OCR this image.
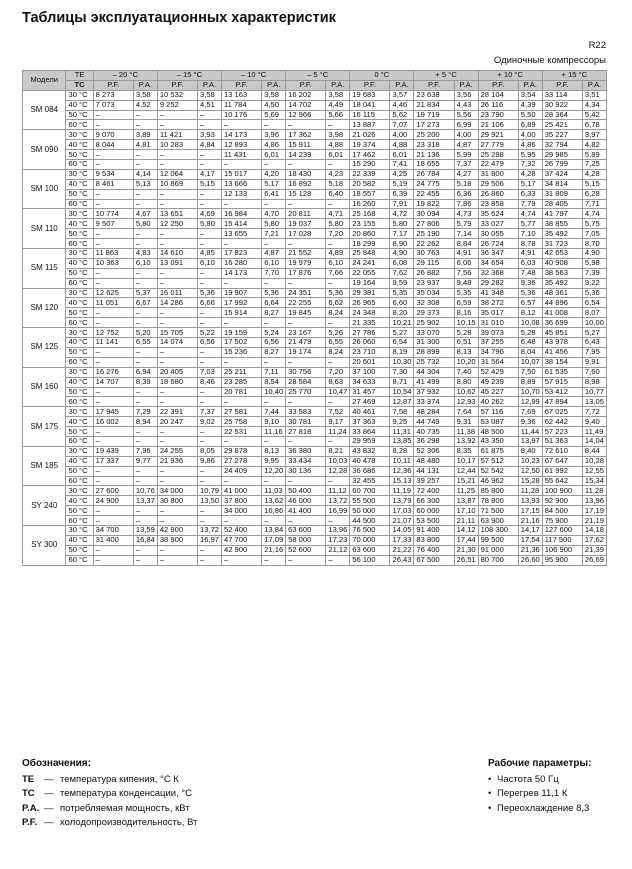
Таблицы эксплуатационных характеристик
R22
Одиночные компрессоры
Модели	TE	– 20 °C		– 15 °C		– 10 °C		– 5 °C		0 °C		+ 5 °C		+ 10 °C		+ 15 °C	
	TC	P.F.	P.A.	P.F.	P.A.	P.F.	P.A.	P.F.	P.A.	P.F.	P.A.	P.F.	P.A.	P.F.	P.A.	P.F.	P.A.
SM 084	30 °C	8 273	3,58	10 532	3,58	13 163	3,58	16 202	3,58	19 683	3,57	23 638	3,56	28 104	3,54	33 114	3,51
	40 °C	7 073	4,52	9 252	4,51	11 784	4,50	14 702	4,49	18 041	4,46	21 834	4,43	26 116	4,39	30 922	4,34
	50 °C	–	–	–	–	10 176	5,69	12 966	5,66	16 115	5,62	19 719	5,56	23 790	5,50	28 364	5,42
	60 °C	–	–	–	–	–	–	–	–	13 887	7,07	17 273	6,99	21 106	6,89	25 421	6,78
SM 090	30 °C	9 070	3,89	11 421	3,93	14 173	3,96	17 362	3,98	21 026	4,00	25 200	4,00	29 921	4,00	35 227	3,97
	40 °C	8 044	4,81	10 283	4,84	12 893	4,86	15 911	4,88	19 374	4,88	23 318	4,87	27 779	4,86	32 794	4,82
	50 °C	–	–	–	–	11 431	6,01	14 239	6,01	17 462	6,01	21 136	5,99	25 298	5,95	29 985	5,89
	60 °C	–	–	–	–	–	–	–	–	15 290	7,41	18 655	7,37	22 479	7,32	26 799	7,25
SM 100	30 °C	9 534	4,14	12 064	4,17	15 017	4,20	18 430	4,23	22 339	4,25	26 784	4,27	31 800	4,28	37 424	4,28
	40 °C	8 461	5,13	10 869	5,15	13 666	5,17	16 892	5,18	20 582	5,19	24 775	5,18	29 506	5,17	34 814	5,15
	50 °C	–	–	–	–	12 133	6,41	15 128	6,40	18 557	6,39	22 455	6,36	26 860	6,33	31 809	6,28
	60 °C	–	–	–	–	–	–	–	–	16 260	7,91	19 822	7,86	23 858	7,79	28 405	7,71
SM 110	30 °C	10 774	4,67	13 651	4,69	16 984	4,70	20 811	4,71	25 168	4,72	30 094	4,73	35 624	4,74	41 797	4,74
	40 °C	9 507	5,80	12 250	5,80	15 414	5,80	19 037	5,80	23 155	5,80	27 806	5,79	33 027	5,77	38 855	5,75
	50 °C	–	–	–	–	13 655	7,21	17 028	7,20	20 860	7,17	25 190	7,14	30 055	7,10	35 492	7,05
	60 °C	–	–	–	–	–	–	–	–	18 299	8,90	22 262	8,84	26 724	8,78	31 723	8,70
SM 115	30 °C	11 863	4,83	14 610	4,85	17 823	4,87	21 552	4,89	25 848	4,90	30 763	4,91	36 347	4,91	42 653	4,90
	40 °C	10 363	6,10	13 091	6,10	16 280	6,10	19 979	6,10	24 241	6,08	29 115	6,06	34 654	6,03	40 908	5,98
	50 °C	–	–	–	–	14 173	7,70	17 876	7,66	22 055	7,62	26 882	7,56	32 368	7,48	38 563	7,39
	60 °C	–	–	–	–	–	–	–	–	19 164	9,59	23 937	9,48	29 282	9,36	35 492	9,22
SM 120	30 °C	12 625	5,37	16 011	5,36	19 907	5,36	24 351	5,36	29 381	5,35	35 034	5,35	41 348	5,36	48 361	5,36
	40 °C	11 051	6,67	14 286	6,66	17 992	6,64	22 255	6,62	26 965	6,60	32 308	6,59	38 272	6,57	44 896	6,54
	50 °C	–	–	–	–	15 914	8,27	19 845	8,24	24 348	8,20	29 373	8,16	35 017	8,12	41 008	8,07
	60 °C	–	–	–	–	–	–	–	–	21 335	10,21	25 902	10,15	31 010	10,08	36 699	10,00
SM 125	30 °C	12 752	5,20	15 705	5,22	19 159	5,24	23 167	5,26	27 786	5,27	33 070	5,28	39 073	5,28	45 851	5,27
	40 °C	11 141	6,55	14 074	6,56	17 502	6,56	21 479	6,55	26 060	6,54	31 300	6,51	37 255	6,48	43 978	6,43
	50 °C	–	–	–	–	15 236	8,27	19 174	8,24	23 710	8,19	28 899	8,13	34 796	8,04	41 456	7,95
	60 °C	–	–	–	–	–	–	–	–	20 601	10,30	25 732	10,20	31 564	10,07	38 154	9,91
SM 160	30 °C	16 276	6,94	20 405	7,03	25 211	7,11	30 756	7,20	37 100	7,30	44 304	7,40	52 429	7,50	61 535	7,60
	40 °C	14 707	8,39	18 680	8,46	23 285	8,54	28 584	8,63	34 633	8,71	41 499	8,80	49 239	8,89	57 915	8,98
	50 °C	–	–	–	–	20 781	10,40	25 770	10,47	31 457	10,54	37 932	10,62	45 227	10,70	53 412	10,77
	60 °C	–	–	–	–	–	–	–	–	27 469	12,87	33 374	12,93	40 262	12,99	47 894	13,05
SM 175	30 °C	17 945	7,29	22 391	7,37	27 581	7,44	33 583	7,52	40 461	7,58	48 284	7,64	57 116	7,69	67 025	7,72
	40 °C	16 002	8,94	20 247	9,02	25 758	9,10	30 781	9,17	37 363	9,25	44 749	9,31	53 087	9,36	62 442	9,40
	50 °C	–	–	–	–	22 531	11,16	27 818	11,24	33 864	11,31	40 735	11,38	48 500	11,44	57 223	11,49
	60 °C	–	–	–	–	–	–	–	–	29 959	13,85	36 298	13,92	43 350	13,97	51 363	14,04
SM 185	30 °C	19 439	7,96	24 255	8,05	29 878	8,13	36 380	8,21	43 832	8,28	52 306	8,35	61 875	8,40	72 610	8,44
	40 °C	17 337	9,77	21 936	9,86	27 278	9,95	33 434	10,03	40 478	10,11	48 480	10,17	57 512	10,23	67 647	10,28
	50 °C	–	–	–	–	24 409	12,20	30 136	12,28	36 686	12,36	44 131	12,44	52 542	12,50	61 992	12,55
	60 °C	–	–	–	–	–	–	–	–	32 455	15,13	39 257	15,21	46 962	15,28	55 642	15,34
SY 240	30 °C	27 600	10,76	34 000	10,79	41 000	11,03	50 400	11,12	60 700	11,19	72 400	11,25	85 800	11,28	100 900	11,28
	40 °C	24 900	13,37	30 800	13,50	37 800	13,62	46 000	13,72	55 500	13,79	66 300	13,87	78 800	13,93	92 900	13,96
	50 °C	–	–	–	–	34 000	16,86	41 400	16,99	50 000	17,03	60 000	17,10	71 500	17,15	84 500	17,19
	60 °C	–	–	–	–	–	–	–	–	44 500	21,07	53 500	21,11	63 900	21,16	75 900	21,19
SY 300	30 °C	34 700	13,59	42 900	13,72	52 400	13,84	63 600	13,96	76 500	14,05	91 400	14,12	108 300	14,17	127 600	14,18
	40 °C	31 400	16,84	38 900	16,97	47 700	17,09	58 000	17,23	70 000	17,33	83 800	17,44	99 500	17,54	117 500	17,62
	50 °C	–	–	–	–	42 900	21,16	52 600	21,12	63 600	21,22	76 400	21,30	91 000	21,36	106 900	21,39
	60 °C	–	–	–	–	–	–	–	–	56 100	26,43	67 500	26,51	80 700	26,60	95 900	26,69
Обозначения:
TE	— температура кипения, °С К
TC — температура конденсации, °С
P.A. — потребляемая мощность, кВт
P.F. — холодопроизводительность, Вт
Рабочие параметры:
• Частота 50 Гц
• Перегрев 11,1 К
• Переохлаждение 8,3
